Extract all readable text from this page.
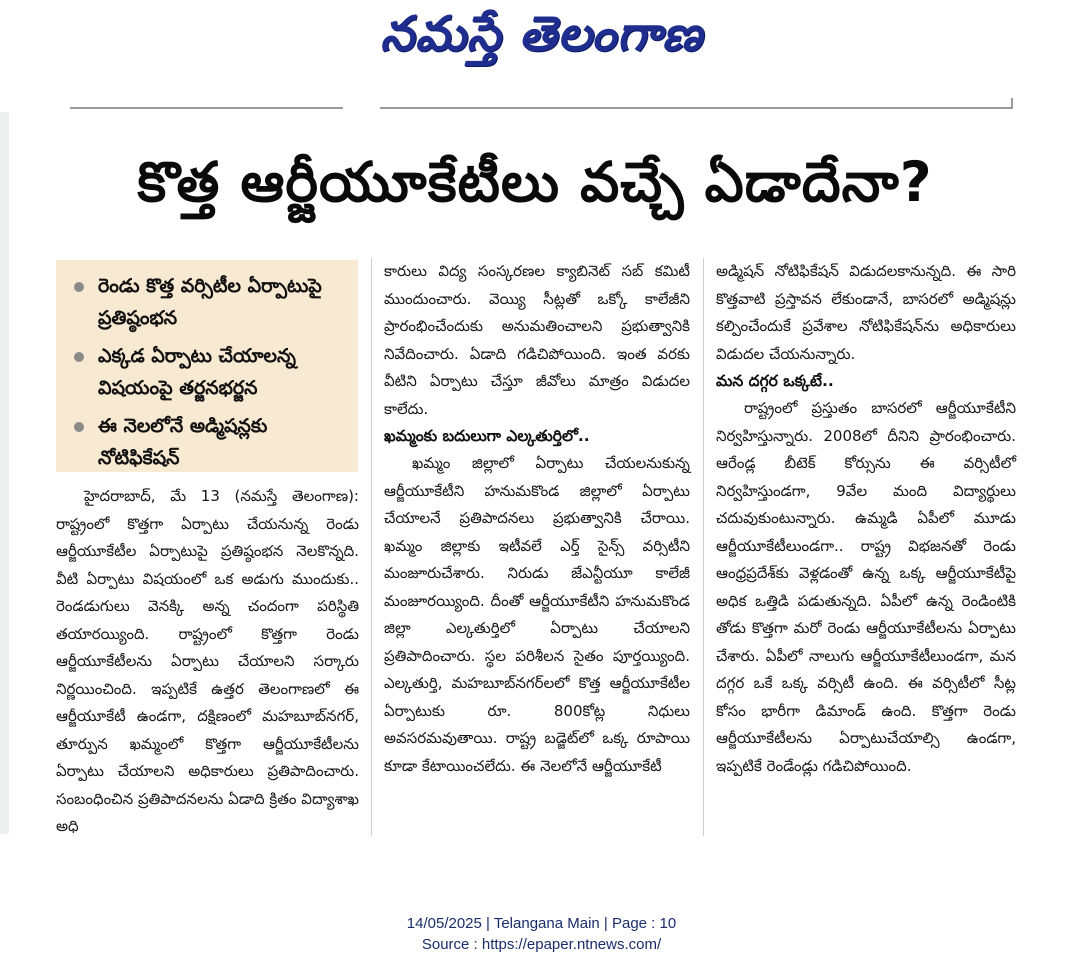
నమస్తే తెలంగాణ
కొత్త ఆర్జీయూకేటీలు వచ్చే ఏడాదేనా?
రెండు కొత్త వర్సిటీల ఏర్పాటుపై ప్రతిష్ఠంభన
ఎక్కడ ఏర్పాటు చేయాలన్న విషయంపై తర్జనభర్జన
ఈ నెలలోనే అడ్మిషన్లకు నోటిఫికేషన్

హైదరాబాద్, మే 13 (నమస్తే తెలంగాణ): రాష్ట్రంలో కొత్తగా ఏర్పాటు చేయనున్న రెండు ఆర్జీయూకేటీల ఏర్పాటుపై ప్రతిష్ఠంభన నెలకొన్నది. వీటి ఏర్పాటు విషయంలో ఒక అడుగు ముందుకు.. రెండడుగులు వెనక్కి అన్న చందంగా పరిస్థితి తయారయ్యింది. రాష్ట్రంలో కొత్తగా రెండు ఆర్జీయూకేటీలను ఏర్పాటు చేయాలని సర్కారు నిర్ణయించింది. ఇప్పటికే ఉత్తర తెలంగాణలో ఈ ఆర్జీయూకేటీ ఉండగా, దక్షిణంలో మహబూబ్‌నగర్, తూర్పున ఖమ్మంలో కొత్తగా ఆర్జీయూకేటీలను ఏర్పాటు చేయాలని అధికారులు ప్రతిపాదించారు. సంబంధించిన ప్రతిపాదనలను ఏడాది క్రితం విద్యాశాఖ అధి

కారులు విద్య సంస్కరణల క్యాబినెట్ సబ్ కమిటీ ముందుంచారు. వెయ్యి సీట్లతో ఒక్కో కాలేజీని ప్రారంభించేందుకు అనుమతించాలని ప్రభుత్వానికి నివేదించారు. ఏడాది గడిచిపోయింది. ఇంత వరకు వీటిని ఏర్పాటు చేస్తూ జీవోలు మాత్రం విడుదల కాలేదు.

ఖమ్మంకు బదులుగా ఎల్కతుర్తిలో..

ఖమ్మం జిల్లాలో ఏర్పాటు చేయలనుకున్న ఆర్జీయూకేటీని హనుమకొండ జిల్లాలో ఏర్పాటు చేయాలనే ప్రతిపాదనలు ప్రభుత్వానికి చేరాయి. ఖమ్మం జిల్లాకు ఇటీవలే ఎర్త్ సైన్స్ వర్సిటీని మంజూరుచేశారు. నిరుడు జేఎన్టీయూ కాలేజీ మంజూరయ్యింది. దీంతో ఆర్జీయూకేటీని హనుమకొండ జిల్లా ఎల్కతుర్తిలో ఏర్పాటు చేయాలని ప్రతిపాదించారు. స్థల పరిశీలన సైతం పూర్తయ్యింది. ఎల్కతుర్తి, మహబూబ్‌నగర్‌లలో కొత్త ఆర్జీయూకేటీల ఏర్పాటుకు రూ. 800కోట్ల నిధులు అవసరమవుతాయి. రాష్ట్ర బడ్జెట్‌లో ఒక్క రూపాయి కూడా కేటాయించలేదు. ఈ నెలలోనే ఆర్జీయూకేటీ

అడ్మిషన్ నోటిఫికేషన్ విడుదలకానున్నది. ఈ సారి కొత్తవాటి ప్రస్తావన లేకుండానే, బాసరలో అడ్మిషన్లు కల్పించేందుకే ప్రవేశాల నోటిఫికేషన్‌ను అధికారులు విడుదల చేయనున్నారు.

మన దగ్గర ఒక్కటే..

రాష్ట్రంలో ప్రస్తుతం బాసరలో ఆర్జీయూకేటీని నిర్వహిస్తున్నారు. 2008లో దీనిని ప్రారంభించారు. ఆరేండ్ల బీటెక్ కోర్సును ఈ వర్సిటీలో నిర్వహిస్తుండగా, 9వేల మంది విద్యార్థులు చదువుకుంటున్నారు. ఉమ్మడి ఏపీలో మూడు ఆర్జీయూకేటీలుండగా.. రాష్ట్ర విభజనతో రెండు ఆంధ్రప్రదేశ్‌కు వెళ్లడంతో ఉన్న ఒక్క ఆర్జీయూకేటీపై అధిక ఒత్తిడి పడుతున్నది. ఏపీలో ఉన్న రెండింటికి తోడు కొత్తగా మరో రెండు ఆర్జీయూకేటీలను ఏర్పాటు చేశారు. ఏపీలో నాలుగు ఆర్జీయూకేటీలుండగా, మన దగ్గర ఒకే ఒక్క వర్సిటీ ఉంది. ఈ వర్సిటీలో సీట్ల కోసం భారీగా డిమాండ్ ఉంది. కొత్తగా రెండు ఆర్జీయూకేటీలను ఏర్పాటుచేయాల్సి ఉండగా, ఇప్పటికే రెండేండ్లు గడిచిపోయింది.

14/05/2025 | Telangana Main | Page : 10
Source : https://epaper.ntnews.com/
